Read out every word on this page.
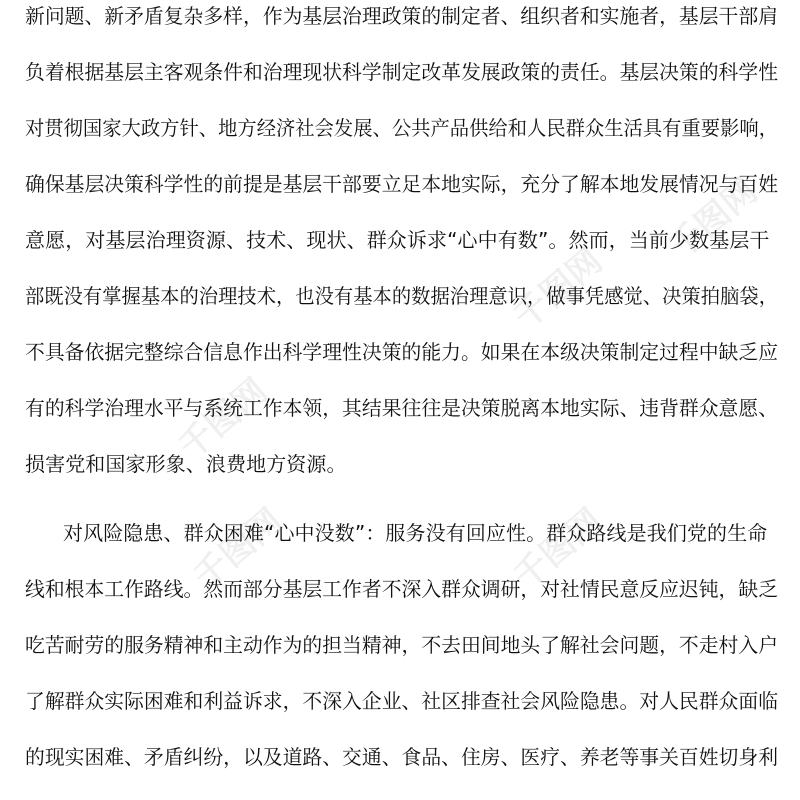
千图网
千图网
千图网
千图网	千图网
新问题、新矛盾复杂多样，作为基层治理政策的制定者、组织者和实施者，基层干部肩
负着根据基层主客观条件和治理现状科学制定改革发展政策的责任。基层决策的科学性
对贯彻国家大政方针、地方经济社会发展、公共产品供给和人民群众生活具有重要影响，
确保基层决策科学性的前提是基层干部要立足本地实际，充分了解本地发展情况与百姓
意愿，对基层治理资源、技术、现状、群众诉求“心中有数”。然而，当前少数基层干
部既没有掌握基本的治理技术，也没有基本的数据治理意识，做事凭感觉、决策拍脑袋，
不具备依据完整综合信息作出科学理性决策的能力。如果在本级决策制定过程中缺乏应
有的科学治理水平与系统工作本领，其结果往往是决策脱离本地实际、违背群众意愿、
损害党和国家形象、浪费地方资源。
对风险隐患、群众困难“心中没数”：服务没有回应性。群众路线是我们党的生命
线和根本工作路线。然而部分基层工作者不深入群众调研，对社情民意反应迟钝，缺乏
吃苦耐劳的服务精神和主动作为的担当精神，不去田间地头了解社会问题，不走村入户
了解群众实际困难和利益诉求，不深入企业、社区排查社会风险隐患。对人民群众面临
的现实困难、矛盾纠纷，以及道路、交通、食品、住房、医疗、养老等事关百姓切身利
